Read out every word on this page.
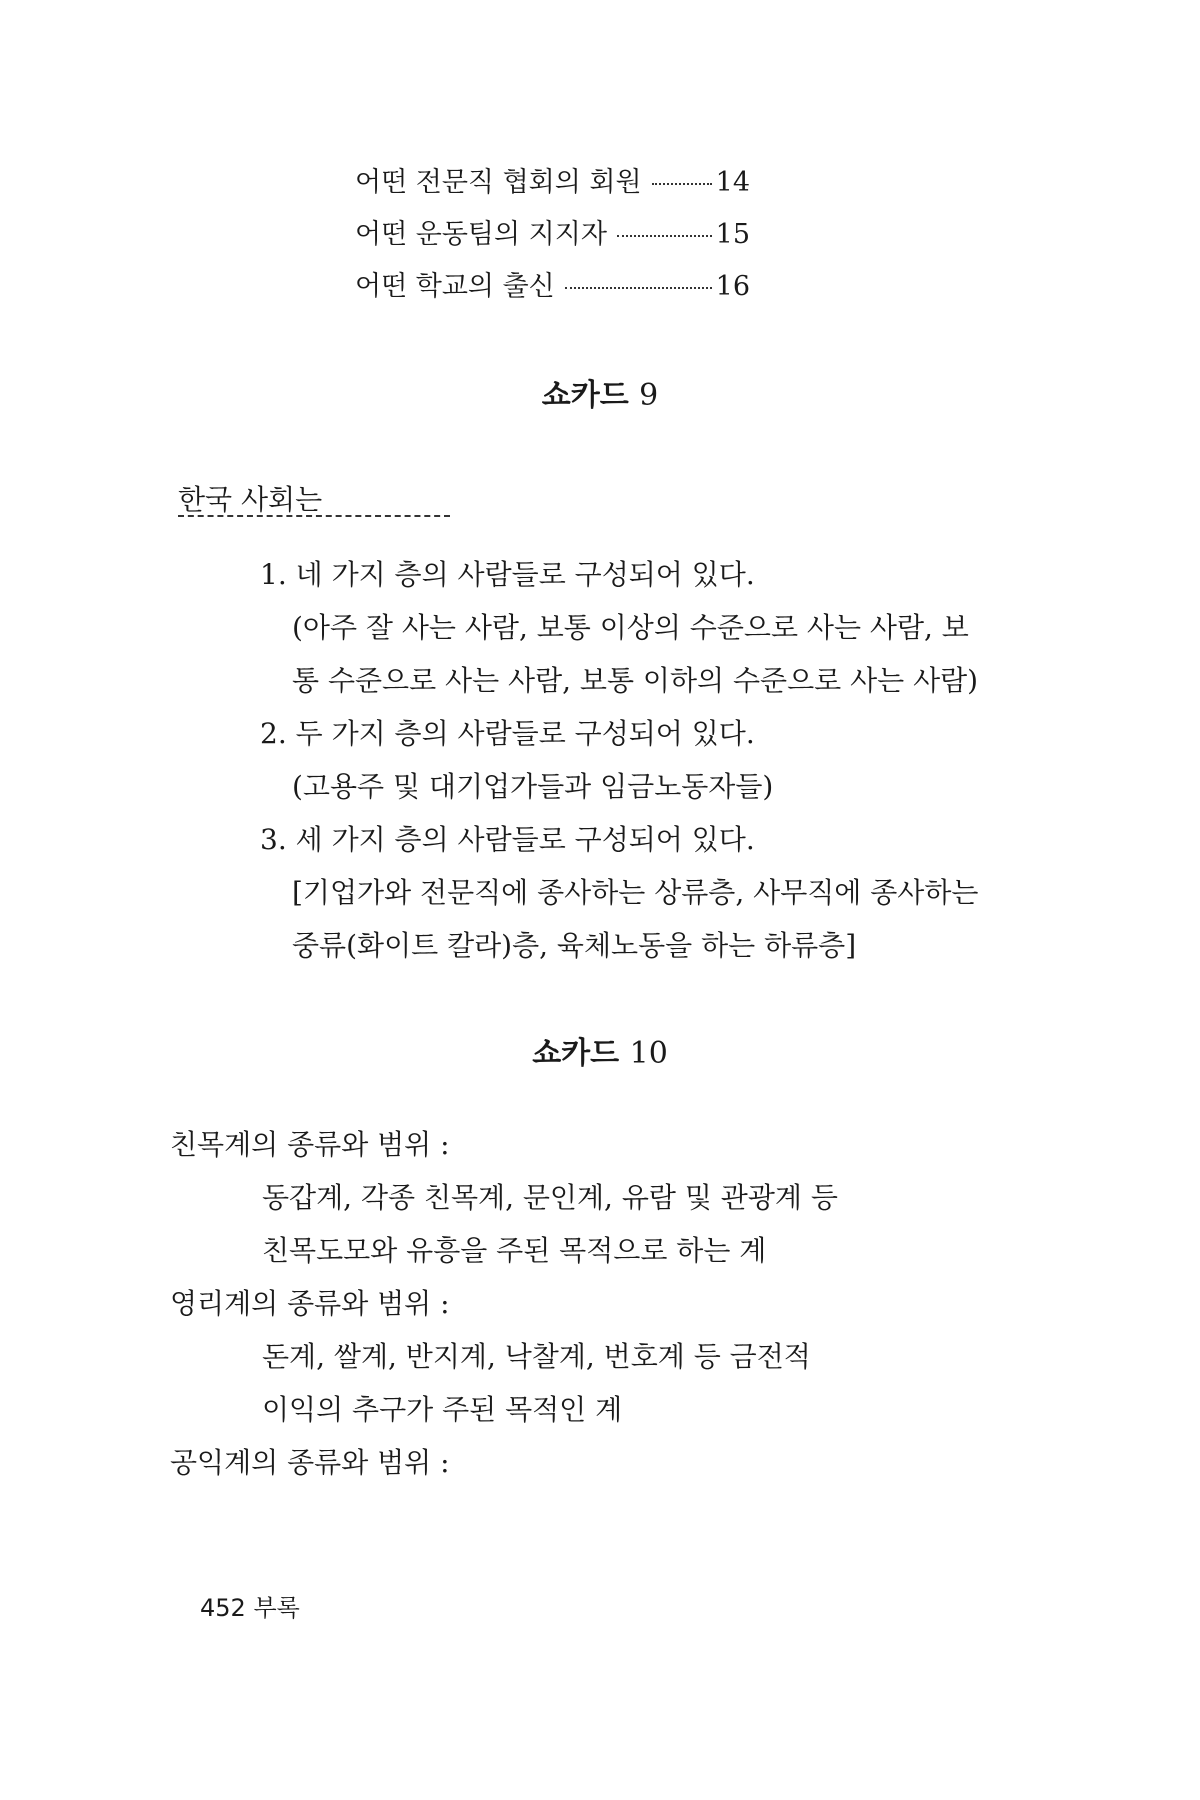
어떤 전문직 협회의 회원	14
어떤 운동팀의 지지자	15
어떤 학교의 출신	16
쇼카드 9
한국 사회는
1. 네 가지 층의 사람들로 구성되어 있다.
(아주 잘 사는 사람, 보통 이상의 수준으로 사는 사람, 보
통 수준으로 사는 사람, 보통 이하의 수준으로 사는 사람)
2. 두 가지 층의 사람들로 구성되어 있다.
(고용주 및 대기업가들과 임금노동자들)
3. 세 가지 층의 사람들로 구성되어 있다.
[기업가와 전문직에 종사하는 상류층, 사무직에 종사하는
중류(화이트 칼라)층, 육체노동을 하는 하류층]
쇼카드 10
친목계의 종류와 범위 :
동갑계, 각종 친목계, 문인계, 유람 및 관광계 등
친목도모와 유흥을 주된 목적으로 하는 계
영리계의 종류와 범위 :
돈계, 쌀계, 반지계, 낙찰계, 번호계 등 금전적
이익의 추구가 주된 목적인 계
공익계의 종류와 범위 :
452 부록
